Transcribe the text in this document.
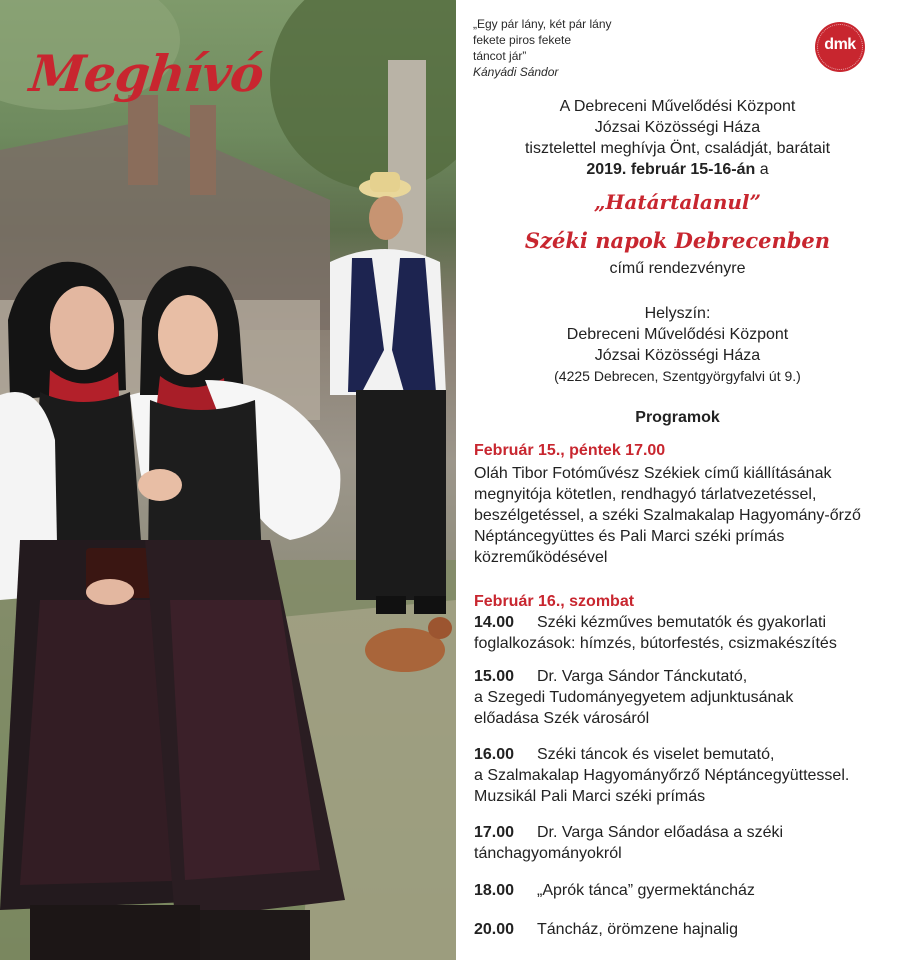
Meghívó
„Egy pár lány, két pár lány
fekete piros fekete
táncot jár”
Kányádi Sándor
dmk
A Debreceni Művelődési Központ
Józsai Közösségi Háza
tisztelettel meghívja Önt, családját, barátait
2019. február 15-16-án a
„Határtalanul”
Széki napok Debrecenben
című rendezvényre
Helyszín:
Debreceni Művelődési Központ
Józsai Közösségi Háza
(4225 Debrecen, Szentgyörgyfalvi út 9.)
Programok
Február 15., péntek 17.00
Oláh Tibor Fotóművész Székiek című kiállításának megnyitója kötetlen, rendhagyó tárlatvezetéssel, beszélgetéssel, a széki Szalmakalap Hagyomány-őrző Néptáncegyüttes és Pali Marci széki prímás közreműködésével
Február 16., szombat
14.00 Széki kézműves bemutatók és gyakorlati
foglalkozások: hímzés, bútorfestés, csizmakészítés
15.00 Dr. Varga Sándor Tánckutató,
a Szegedi Tudományegyetem adjunktusának
előadása Szék városáról
16.00 Széki táncok és viselet bemutató,
a Szalmakalap Hagyományőrző Néptáncegyüttessel.
Muzsikál Pali Marci széki prímás
17.00 Dr. Varga Sándor előadása a széki
tánchagyományokról
18.00 „Aprók tánca” gyermektáncház
20.00 Táncház, örömzene hajnalig
